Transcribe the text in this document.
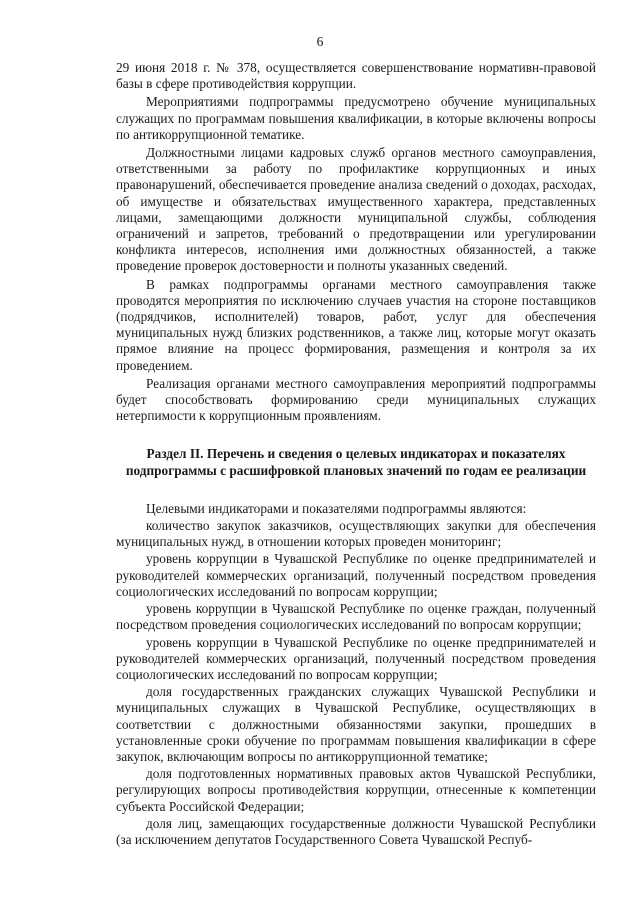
6

29 июня 2018 г. № 378, осуществляется совершенствование нормативн-правовой базы в сфере противодействия коррупции.

Мероприятиями подпрограммы предусмотрено обучение муниципальных служащих по программам повышения квалификации, в которые включены вопросы по антикоррупционной тематике.

Должностными лицами кадровых служб органов местного самоуправления, ответственными за работу по профилактике коррупционных и иных правонарушений, обеспечивается проведение анализа сведений о доходах, расходах, об имуществе и обязательствах имущественного характера, представленных лицами, замещающими должности муниципальной службы, соблюдения ограничений и запретов, требований о предотвращении или урегулировании конфликта интересов, исполнения ими должностных обязанностей, а также проведение проверок достоверности и полноты указанных сведений.

В рамках подпрограммы органами местного самоуправления также проводятся мероприятия по исключению случаев участия на стороне поставщиков (подрядчиков, исполнителей) товаров, работ, услуг для обеспечения муниципальных нужд близких родственников, а также лиц, которые могут оказать прямое влияние на процесс формирования, размещения и контроля за их проведением.

Реализация органами местного самоуправления мероприятий подпрограммы будет способствовать формированию среди муниципальных служащих нетерпимости к коррупционным проявлениям.

Раздел II. Перечень и сведения о целевых индикаторах и показателях подпрограммы с расшифровкой плановых значений по годам ее реализации

Целевыми индикаторами и показателями подпрограммы являются:

количество закупок заказчиков, осуществляющих закупки для обеспечения муниципальных нужд, в отношении которых проведен мониторинг;

уровень коррупции в Чувашской Республике по оценке предпринимателей и руководителей коммерческих организаций, полученный посредством проведения социологических исследований по вопросам коррупции;

уровень коррупции в Чувашской Республике по оценке граждан, полученный посредством проведения социологических исследований по вопросам коррупции;

уровень коррупции в Чувашской Республике по оценке предпринимателей и руководителей коммерческих организаций, полученный посредством проведения социологических исследований по вопросам коррупции;

доля государственных гражданских служащих Чувашской Республики и муниципальных служащих в Чувашской Республике, осуществляющих в соответствии с должностными обязанностями закупки, прошедших в установленные сроки обучение по программам повышения квалификации в сфере закупок, включающим вопросы по антикоррупционной тематике;

доля подготовленных нормативных правовых актов Чувашской Республики, регулирующих вопросы противодействия коррупции, отнесенные к компетенции субъекта Российской Федерации;

доля лиц, замещающих государственные должности Чувашской Республики (за исключением депутатов Государственного Совета Чувашской Респуб-
